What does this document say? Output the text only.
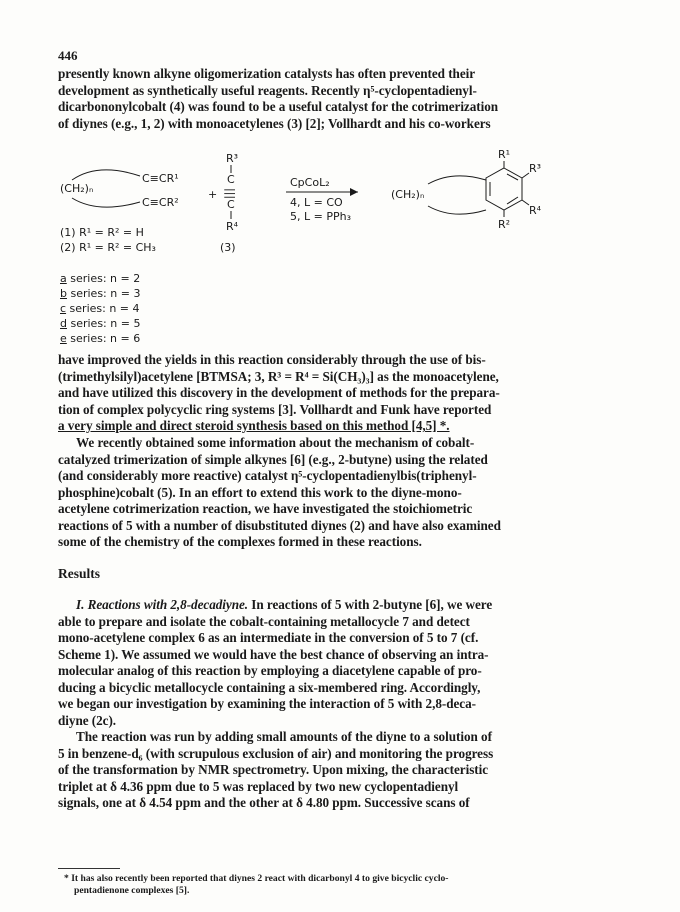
446
presently known alkyne oligomerization catalysts has often prevented their
development as synthetically useful reagents. Recently η⁵-cyclopentadienyl-
dicarbononylcobalt (4) was found to be a useful catalyst for the cotrimerization
of diynes (e.g., 1, 2) with monoacetylenes (3) [2]; Vollhardt and his co-workers
(CH₂)ₙ
C≡CR¹
C≡CR²
+
R³
C
|||
C
R⁴
CpCoL₂
4, L = CO
5, L = PPh₃
(CH₂)ₙ
R¹
R³
R⁴
R²
(1) R¹ = R² = H
(2) R¹ = R² = CH₃	(3)
a series: n = 2
b series: n = 3
c series: n = 4
d series: n = 5
e series: n = 6
have improved the yields in this reaction considerably through the use of bis-
(trimethylsilyl)acetylene [BTMSA; 3, R³ = R⁴ = Si(CH₃)₃] as the monoacetylene,
and have utilized this discovery in the development of methods for the prepara-
tion of complex polycyclic ring systems [3]. Vollhardt and Funk have reported
a very simple and direct steroid synthesis based on this method [4,5] *.
We recently obtained some information about the mechanism of cobalt-
catalyzed trimerization of simple alkynes [6] (e.g., 2-butyne) using the related
(and considerably more reactive) catalyst η⁵-cyclopentadienylbis(triphenyl-
phosphine)cobalt (5). In an effort to extend this work to the diyne-mono-
acetylene cotrimerization reaction, we have investigated the stoichiometric
reactions of 5 with a number of disubstituted diynes (2) and have also examined
some of the chemistry of the complexes formed in these reactions.
Results
I. Reactions with 2,8-decadiyne. In reactions of 5 with 2-butyne [6], we were
able to prepare and isolate the cobalt-containing metallocycle 7 and detect
mono-acetylene complex 6 as an intermediate in the conversion of 5 to 7 (cf.
Scheme 1). We assumed we would have the best chance of observing an intra-
molecular analog of this reaction by employing a diacetylene capable of pro-
ducing a bicyclic metallocycle containing a six-membered ring. Accordingly,
we began our investigation by examining the interaction of 5 with 2,8-deca-
diyne (2c).
The reaction was run by adding small amounts of the diyne to a solution of
5 in benzene-d₆ (with scrupulous exclusion of air) and monitoring the progress
of the transformation by NMR spectrometry. Upon mixing, the characteristic
triplet at δ 4.36 ppm due to 5 was replaced by two new cyclopentadienyl
signals, one at δ 4.54 ppm and the other at δ 4.80 ppm. Successive scans of
* It has also recently been reported that diynes 2 react with dicarbonyl 4 to give bicyclic cyclo-
pentadienone complexes [5].
